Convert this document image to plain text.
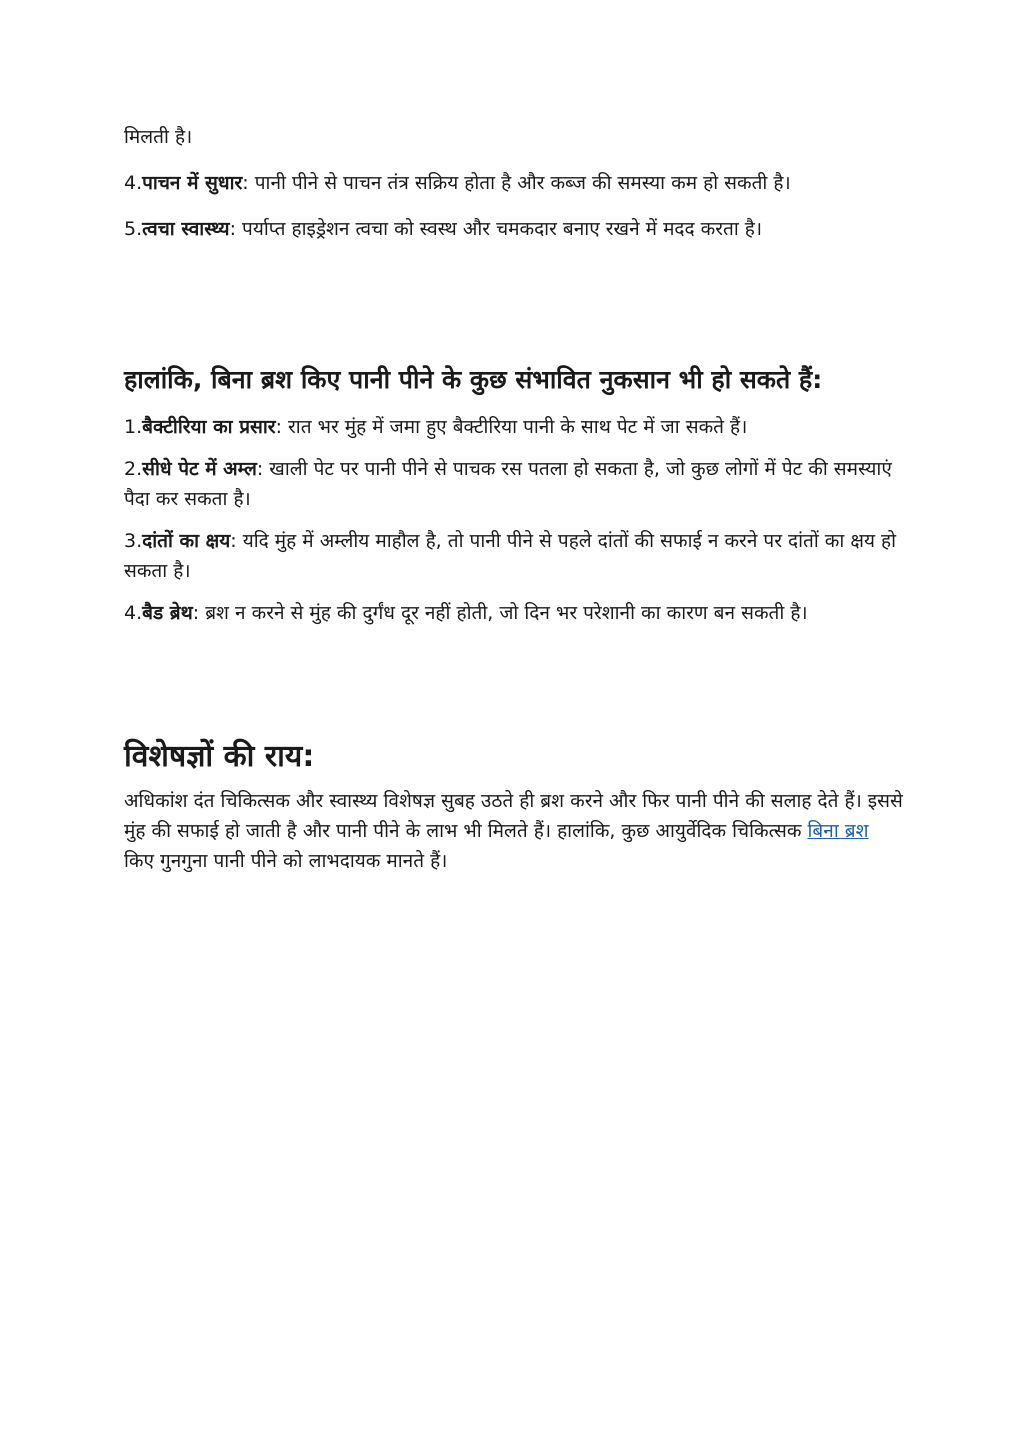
मिलती है।

4.पाचन में सुधार: पानी पीने से पाचन तंत्र सक्रिय होता है और कब्ज की समस्या कम हो सकती है।

5.त्वचा स्वास्थ्य: पर्याप्त हाइड्रेशन त्वचा को स्वस्थ और चमकदार बनाए रखने में मदद करता है।

हालांकि, बिना ब्रश किए पानी पीने के कुछ संभावित नुकसान भी हो सकते हैं:

1.बैक्टीरिया का प्रसार: रात भर मुंह में जमा हुए बैक्टीरिया पानी के साथ पेट में जा सकते हैं।

2.सीधे पेट में अम्ल: खाली पेट पर पानी पीने से पाचक रस पतला हो सकता है, जो कुछ लोगों में पेट की समस्याएं पैदा कर सकता है।

3.दांतों का क्षय: यदि मुंह में अम्लीय माहौल है, तो पानी पीने से पहले दांतों की सफाई न करने पर दांतों का क्षय हो सकता है।

4.बैड ब्रेथ: ब्रश न करने से मुंह की दुर्गंध दूर नहीं होती, जो दिन भर परेशानी का कारण बन सकती है।

विशेषज्ञों की राय:

अधिकांश दंत चिकित्सक और स्वास्थ्य विशेषज्ञ सुबह उठते ही ब्रश करने और फिर पानी पीने की सलाह देते हैं। इससे मुंह की सफाई हो जाती है और पानी पीने के लाभ भी मिलते हैं। हालांकि, कुछ आयुर्वेदिक चिकित्सक बिना ब्रश किए गुनगुना पानी पीने को लाभदायक मानते हैं।
